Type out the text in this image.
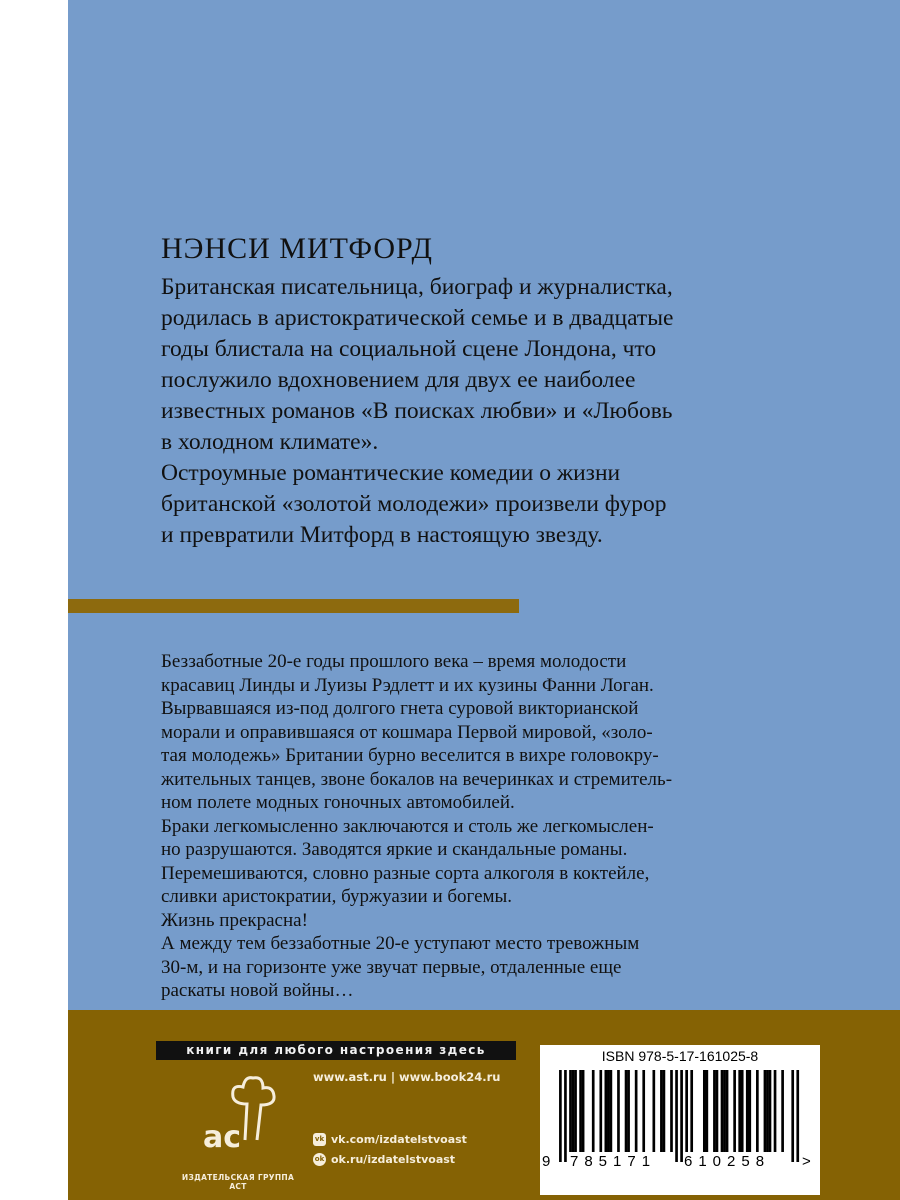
НЭНСИ МИТФОРД

Британская писательница, биограф и журналистка,

родилась в аристократической семье и в двадцатые

годы блистала на социальной сцене Лондона, что

послужило вдохновением для двух ее наиболее

известных романов «В поисках любви» и «Любовь

в холодном климате».

Остроумные романтические комедии о жизни

британской «золотой молодежи» произвели фурор

и превратили Митфорд в настоящую звезду.

Беззаботные 20-е годы прошлого века – время молодости

красавиц Линды и Луизы Рэдлетт и их кузины Фанни Логан.

Вырвавшаяся из-под долгого гнета суровой викторианской

морали и оправившаяся от кошмара Первой мировой, «золо-

тая молодежь» Британии бурно веселится в вихре головокру-

жительных танцев, звоне бокалов на вечеринках и стремитель-

ном полете модных гоночных автомобилей.

Браки легкомысленно заключаются и столь же легкомыслен-

но разрушаются. Заводятся яркие и скандальные романы.

Перемешиваются, словно разные сорта алкоголя в коктейле,

сливки аристократии, буржуазии и богемы.

Жизнь прекрасна!

А между тем беззаботные 20-е уступают место тревожным

30-м, и на горизонте уже звучат первые, отдаленные еще

раскаты новой войны…

книги для любого настроения здесь
ac
ИЗДАТЕЛЬСКАЯ ГРУППА АСТ
www.ast.ru | www.book24.ru
vk vk.com/izdatelstvoast
ok ok.ru/izdatelstvoast
ISBN 978-5-17-161025-8
9 785171 610258 >
